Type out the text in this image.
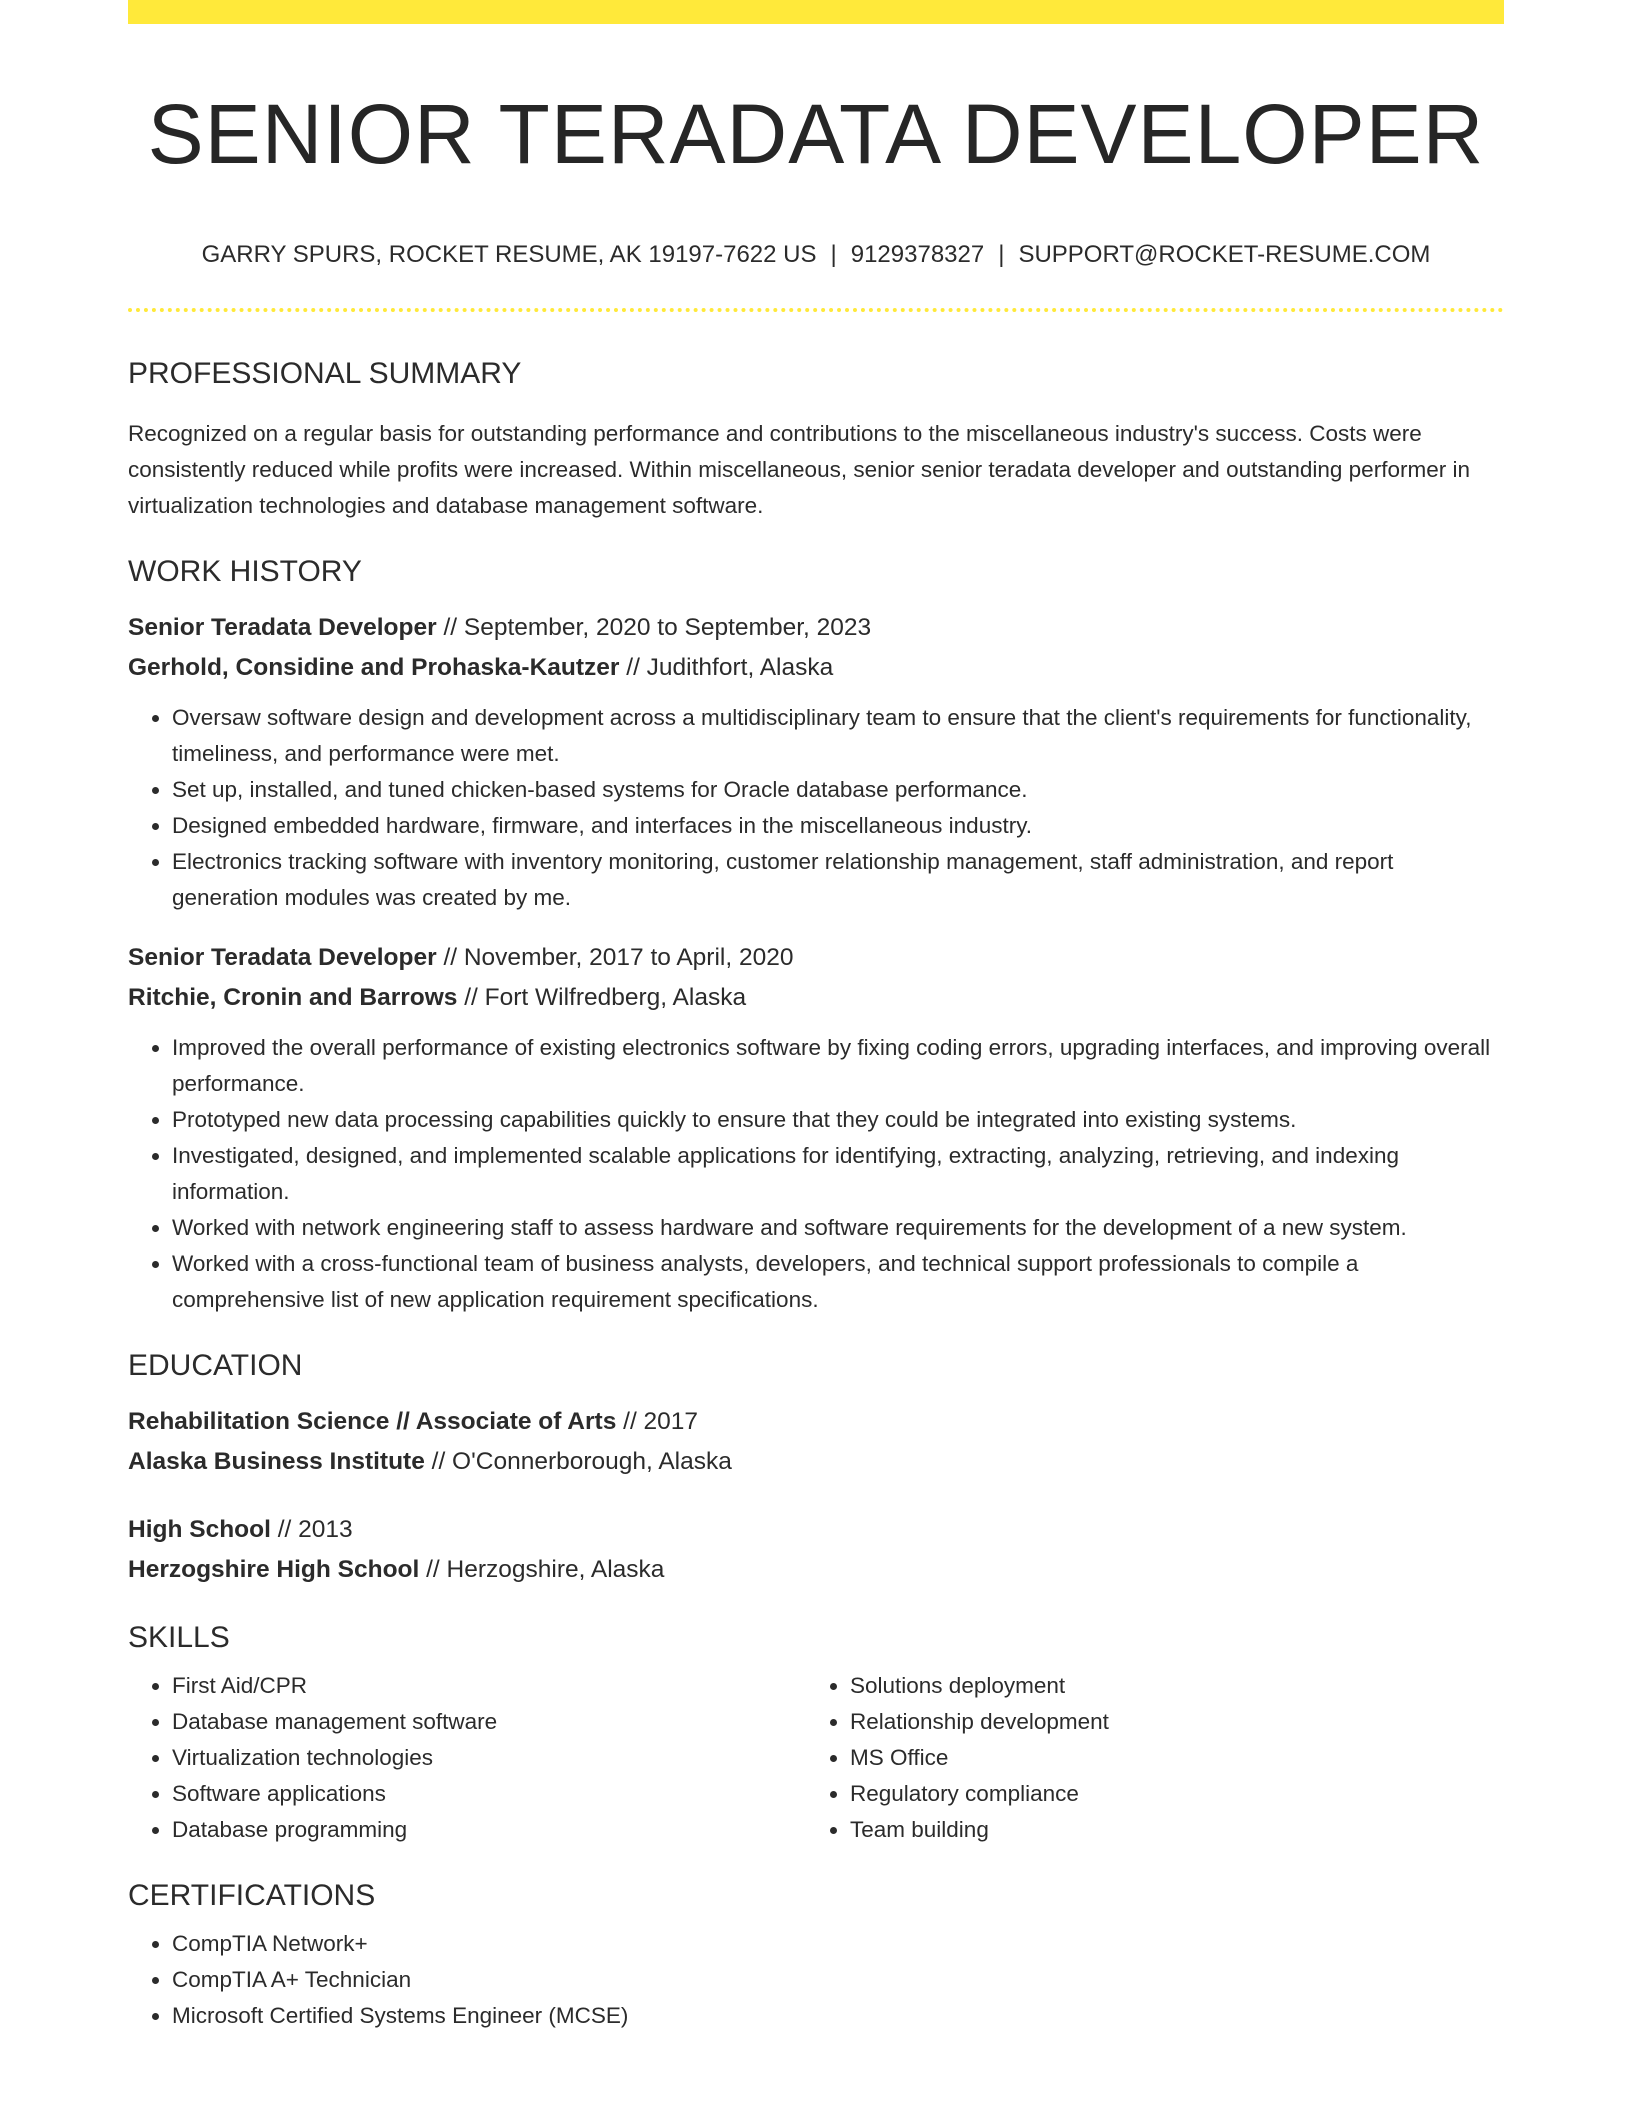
SENIOR TERADATA DEVELOPER
GARRY SPURS, ROCKET RESUME, AK 19197-7622 US | 9129378327 | SUPPORT@ROCKET-RESUME.COM
PROFESSIONAL SUMMARY

Recognized on a regular basis for outstanding performance and contributions to the miscellaneous industry's success. Costs were consistently reduced while profits were increased. Within miscellaneous, senior senior teradata developer and outstanding performer in virtualization technologies and database management software.

WORK HISTORY
Senior Teradata Developer // September, 2020 to September, 2023
Gerhold, Considine and Prohaska-Kautzer // Judithfort, Alaska
• Oversaw software design and development across a multidisciplinary team to ensure that the client's requirements for functionality, timeliness, and performance were met.
• Set up, installed, and tuned chicken-based systems for Oracle database performance.
• Designed embedded hardware, firmware, and interfaces in the miscellaneous industry.
• Electronics tracking software with inventory monitoring, customer relationship management, staff administration, and report generation modules was created by me.
Senior Teradata Developer // November, 2017 to April, 2020
Ritchie, Cronin and Barrows // Fort Wilfredberg, Alaska
• Improved the overall performance of existing electronics software by fixing coding errors, upgrading interfaces, and improving overall performance.
• Prototyped new data processing capabilities quickly to ensure that they could be integrated into existing systems.
• Investigated, designed, and implemented scalable applications for identifying, extracting, analyzing, retrieving, and indexing information.
• Worked with network engineering staff to assess hardware and software requirements for the development of a new system.
• Worked with a cross-functional team of business analysts, developers, and technical support professionals to compile a comprehensive list of new application requirement specifications.
EDUCATION
Rehabilitation Science // Associate of Arts // 2017
Alaska Business Institute // O'Connerborough, Alaska
High School // 2013
Herzogshire High School // Herzogshire, Alaska
SKILLS
• First Aid/CPR
• Database management software
• Virtualization technologies
• Software applications
• Database programming
• Solutions deployment
• Relationship development
• MS Office
• Regulatory compliance
• Team building
CERTIFICATIONS
• CompTIA Network+
• CompTIA A+ Technician
• Microsoft Certified Systems Engineer (MCSE)
